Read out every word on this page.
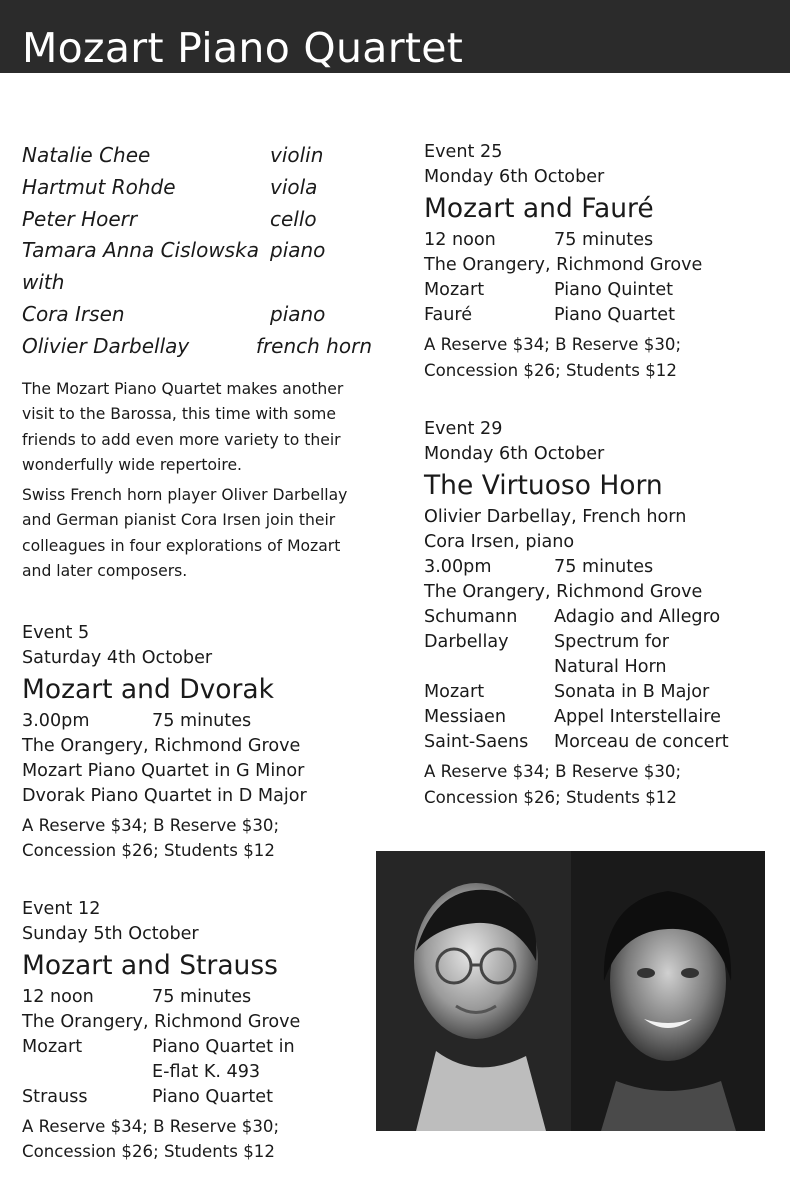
Mozart Piano Quartet
Natalie Chee	violin
Hartmut Rohde	viola
Peter Hoerr	cello
Tamara Anna Cislowska piano
with
Cora Irsen	piano
Olivier Darbellay	french horn

The Mozart Piano Quartet makes another visit to the Barossa, this time with some friends to add even more variety to their wonderfully wide repertoire.

Swiss French horn player Oliver Darbellay and German pianist Cora Irsen join their colleagues in four explorations of Mozart and later composers.

Event 5
Saturday 4th October
Mozart and Dvorak
3.00pm	75 minutes
The Orangery, Richmond Grove
Mozart Piano Quartet in G Minor
Dvorak Piano Quartet in D Major
A Reserve $34; B Reserve $30;
Concession $26; Students $12
Event 12
Sunday 5th October
Mozart and Strauss
12 noon	75 minutes
The Orangery, Richmond Grove
Mozart	Piano Quartet in
E-flat K. 493
Strauss	Piano Quartet
A Reserve $34; B Reserve $30;
Concession $26; Students $12
Event 25
Monday 6th October
Mozart and Fauré
12 noon	75 minutes
The Orangery, Richmond Grove
Mozart	Piano Quintet
Fauré	Piano Quartet
A Reserve $34; B Reserve $30;
Concession $26; Students $12
Event 29
Monday 6th October
The Virtuoso Horn
Olivier Darbellay, French horn
Cora Irsen, piano
3.00pm	75 minutes
The Orangery, Richmond Grove
Schumann	Adagio and Allegro
Darbellay	Spectrum for
Natural Horn
Mozart	Sonata in B Major
Messiaen	Appel Interstellaire
Saint-Saens	Morceau de concert
A Reserve $34; B Reserve $30;
Concession $26; Students $12
